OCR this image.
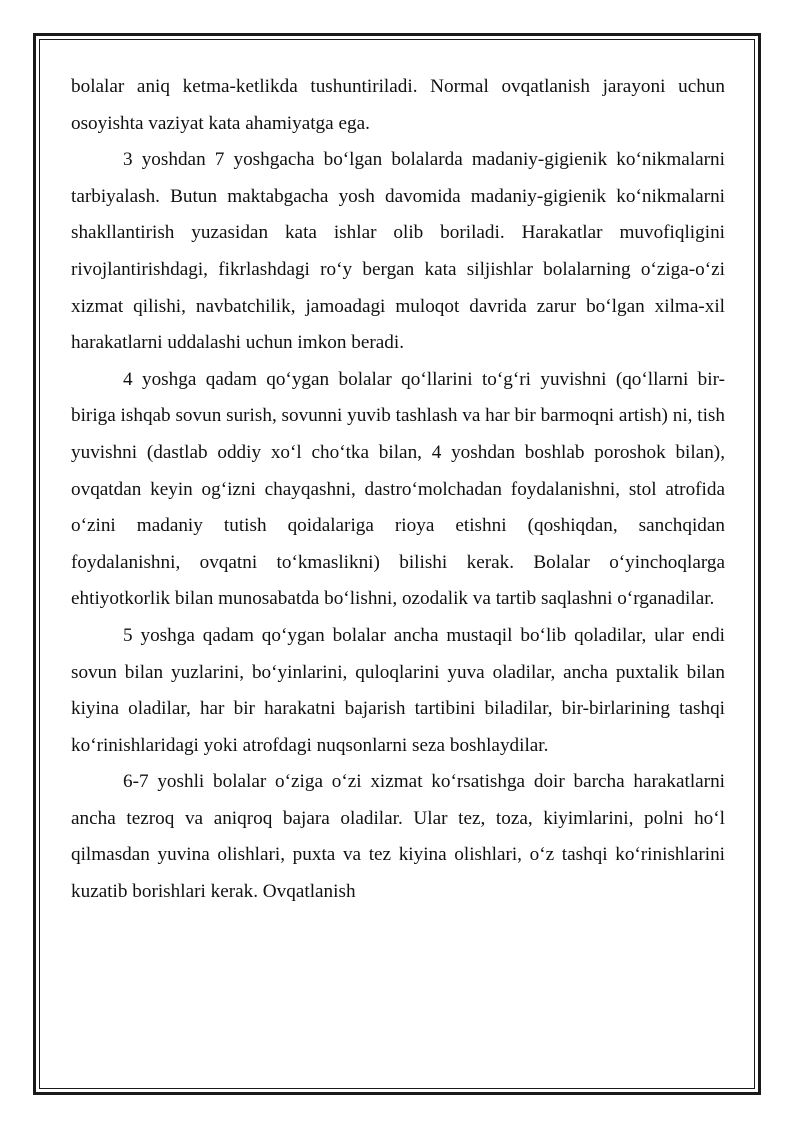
bolalar aniq ketma-ketlikda tushuntiriladi. Normal ovqatlanish jarayoni uchun osoyishta vaziyat kata ahamiyatga ega.

3 yoshdan 7 yoshgacha bo‘lgan bolalarda madaniy-gigienik ko‘nikmalarni tarbiyalash. Butun maktabgacha yosh davomida madaniy-gigienik ko‘nikmalarni shakllantirish yuzasidan kata ishlar olib boriladi. Harakatlar muvofiqligini rivojlantirishdagi, fikrlashdagi ro‘y bergan kata siljishlar bolalarning o‘ziga-o‘zi xizmat qilishi, navbatchilik, jamoadagi muloqot davrida zarur bo‘lgan xilma-xil harakatlarni uddalashi uchun imkon beradi.

4 yoshga qadam qo‘ygan bolalar qo‘llarini to‘g‘ri yuvishni (qo‘llarni bir-biriga ishqab sovun surish, sovunni yuvib tashlash va har bir barmoqni artish) ni, tish yuvishni (dastlab oddiy xo‘l cho‘tka bilan, 4 yoshdan boshlab poroshok bilan), ovqatdan keyin og‘izni chayqashni, dastro‘molchadan foydalanishni, stol atrofida o‘zini madaniy tutish qoidalariga rioya etishni (qoshiqdan, sanchqidan foydalanishni, ovqatni to‘kmaslikni) bilishi kerak. Bolalar o‘yinchoqlarga ehtiyotkorlik bilan munosabatda bo‘lishni, ozodalik va tartib saqlashni o‘rganadilar.

5 yoshga qadam qo‘ygan bolalar ancha mustaqil bo‘lib qoladilar, ular endi sovun bilan yuzlarini, bo‘yinlarini, quloqlarini yuva oladilar, ancha puxtalik bilan kiyina oladilar, har bir harakatni bajarish tartibini biladilar, bir-birlarining tashqi ko‘rinishlaridagi yoki atrofdagi nuqsonlarni seza boshlaydilar.

6-7 yoshli bolalar o‘ziga o‘zi xizmat ko‘rsatishga doir barcha harakatlarni ancha tezroq va aniqroq bajara oladilar. Ular tez, toza, kiyimlarini, polni ho‘l qilmasdan yuvina olishlari, puxta va tez kiyina olishlari, o‘z tashqi ko‘rinishlarini kuzatib borishlari kerak. Ovqatlanish
